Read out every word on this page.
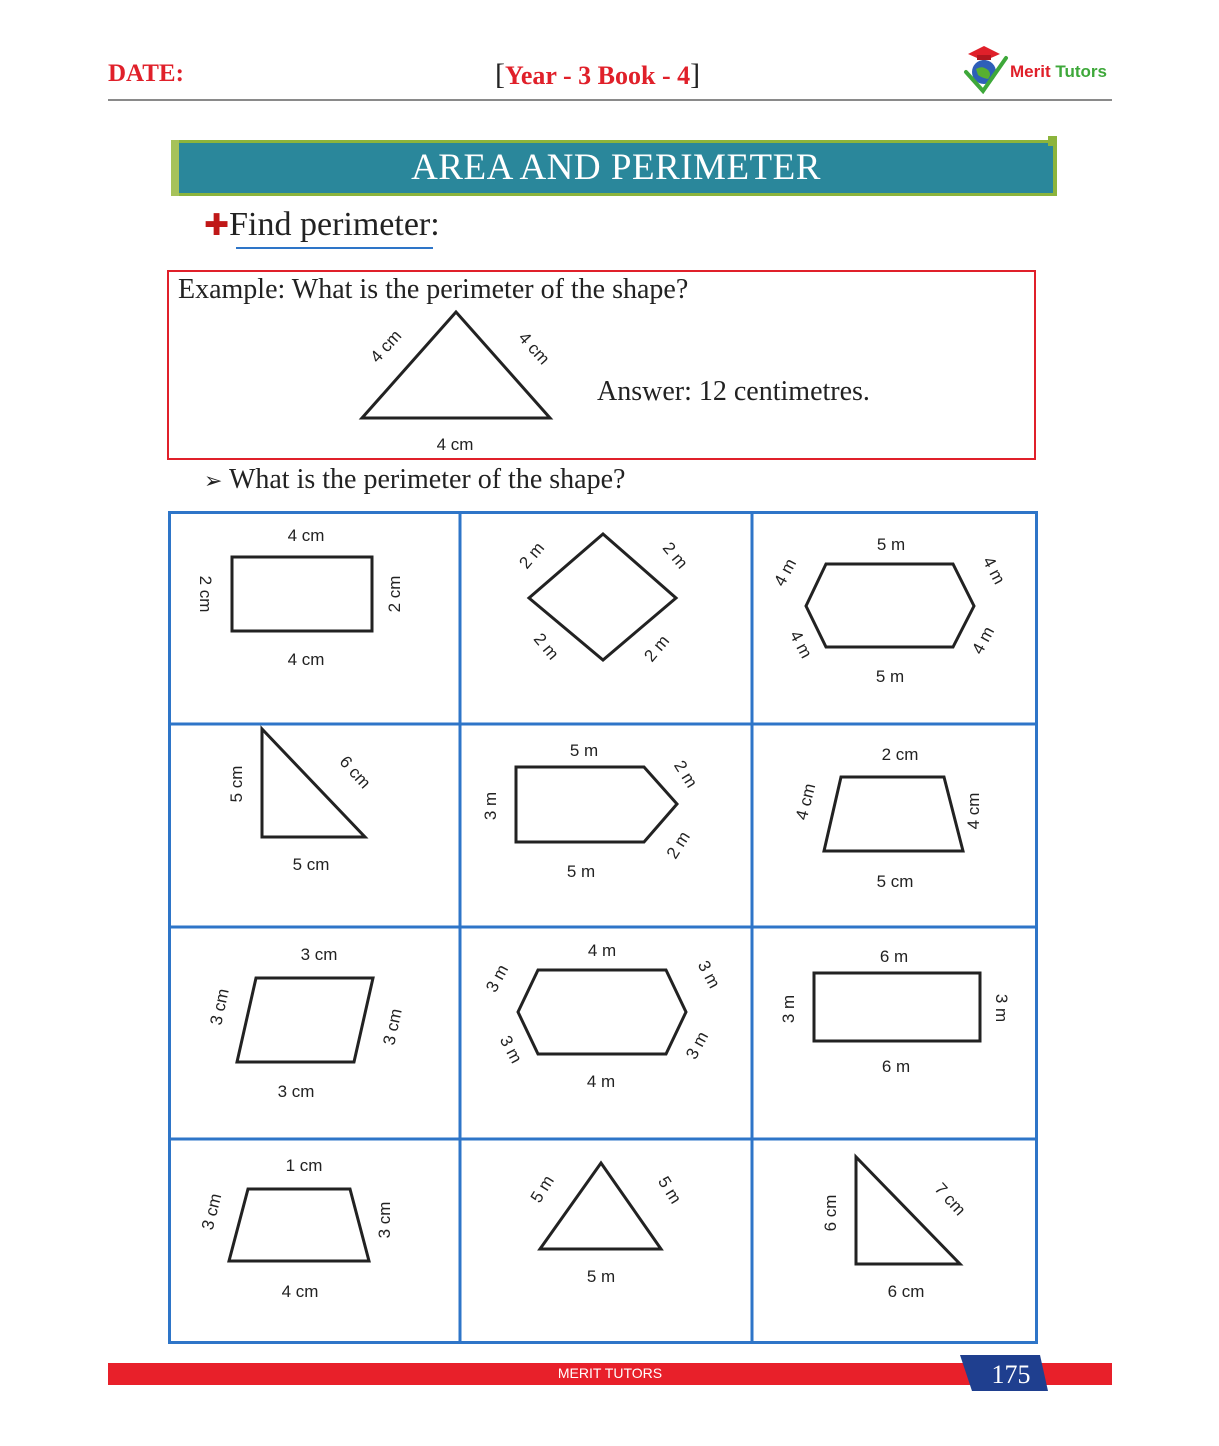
DATE:	[Year - 3 Book - 4]	Merit Tutors
AREA AND PERIMETER
✚Find perimeter:
Example: What is the perimeter of the shape?
4 cm	4 cm
4 cm
Answer: 12 centimetres.
➢ What is the perimeter of the shape?
4 cm
4 cm
2 cm	2 cm
2 m	2 m
2 m	2 m
5 m
5 m
4 m
4 m
4 m
4 m
5 cm	6 cm
5 cm
5 m
3 m
2 m
2 m
5 m
2 cm
4 cm	4 cm
5 cm
3 cm
3 cm
3 cm
3 cm
4 m
3 m
3 m
3 m
3 m
4 m
6 m
3 m	3 m
6 m
1 cm
3 cm	3 cm
4 cm
5 m	5 m
5 m
6 cm	7 cm
6 cm
MERIT TUTORS	175
